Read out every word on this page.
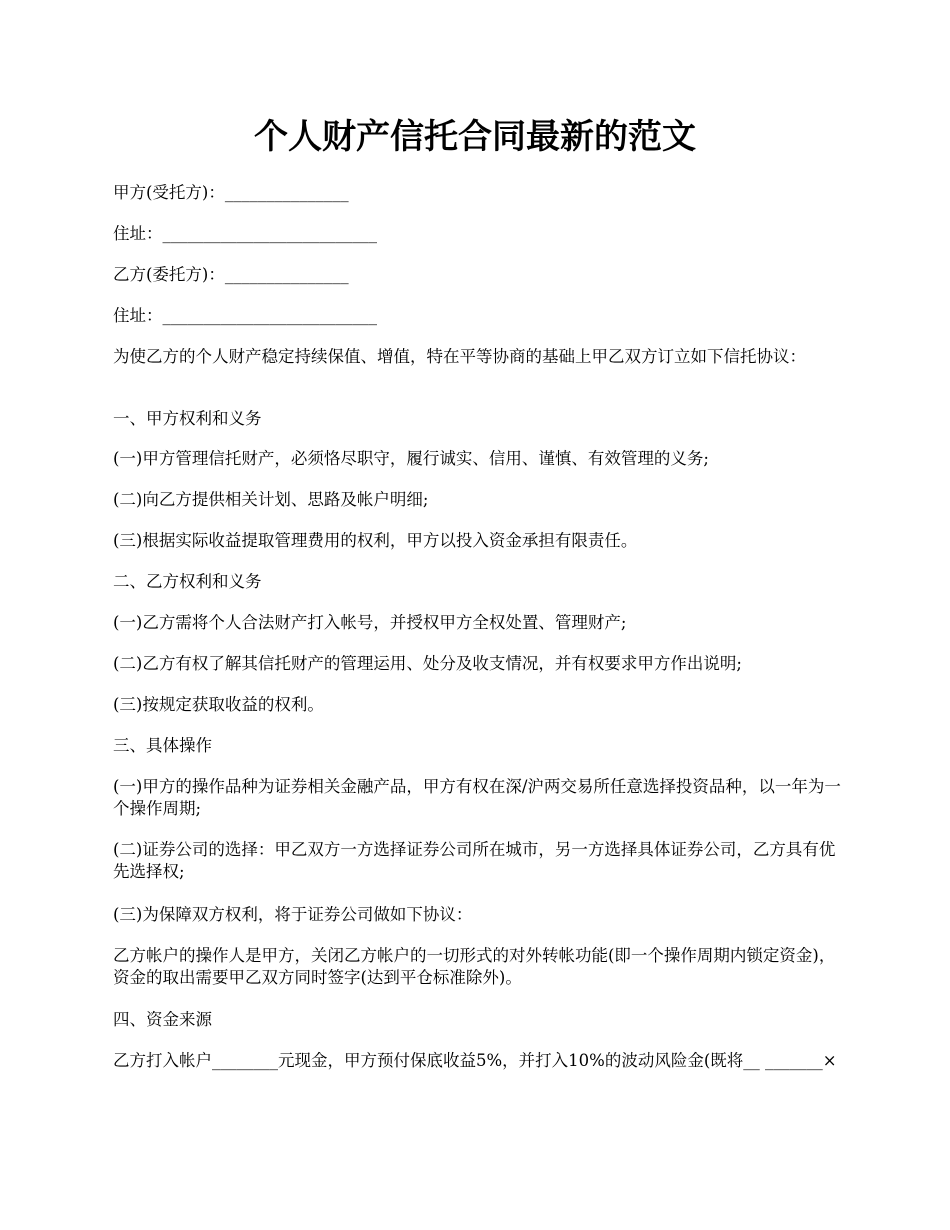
个人财产信托合同最新的范文

甲方(受托方)：_______________

住址：__________________________

乙方(委托方)：_______________

住址：__________________________

为使乙方的个人财产稳定持续保值、增值，特在平等协商的基础上甲乙双方订立如下信托协议：

一、甲方权利和义务

(一)甲方管理信托财产，必须恪尽职守，履行诚实、信用、谨慎、有效管理的义务;

(二)向乙方提供相关计划、思路及帐户明细;

(三)根据实际收益提取管理费用的权利，甲方以投入资金承担有限责任。

二、乙方权利和义务

(一)乙方需将个人合法财产打入帐号，并授权甲方全权处置、管理财产;

(二)乙方有权了解其信托财产的管理运用、处分及收支情况，并有权要求甲方作出说明;

(三)按规定获取收益的权利。

三、具体操作

(一)甲方的操作品种为证券相关金融产品，甲方有权在深/沪两交易所任意选择投资品种，以一年为一个操作周期;

(二)证券公司的选择：甲乙双方一方选择证券公司所在城市，另一方选择具体证券公司，乙方具有优先选择权;

(三)为保障双方权利，将于证券公司做如下协议：

乙方帐户的操作人是甲方，关闭乙方帐户的一切形式的对外转帐功能(即一个操作周期内锁定资金)，资金的取出需要甲乙双方同时签字(达到平仓标准除外)。

四、资金来源

乙方打入帐户________元现金，甲方预付保底收益5%，并打入10%的波动风险金(既将__ _______×
